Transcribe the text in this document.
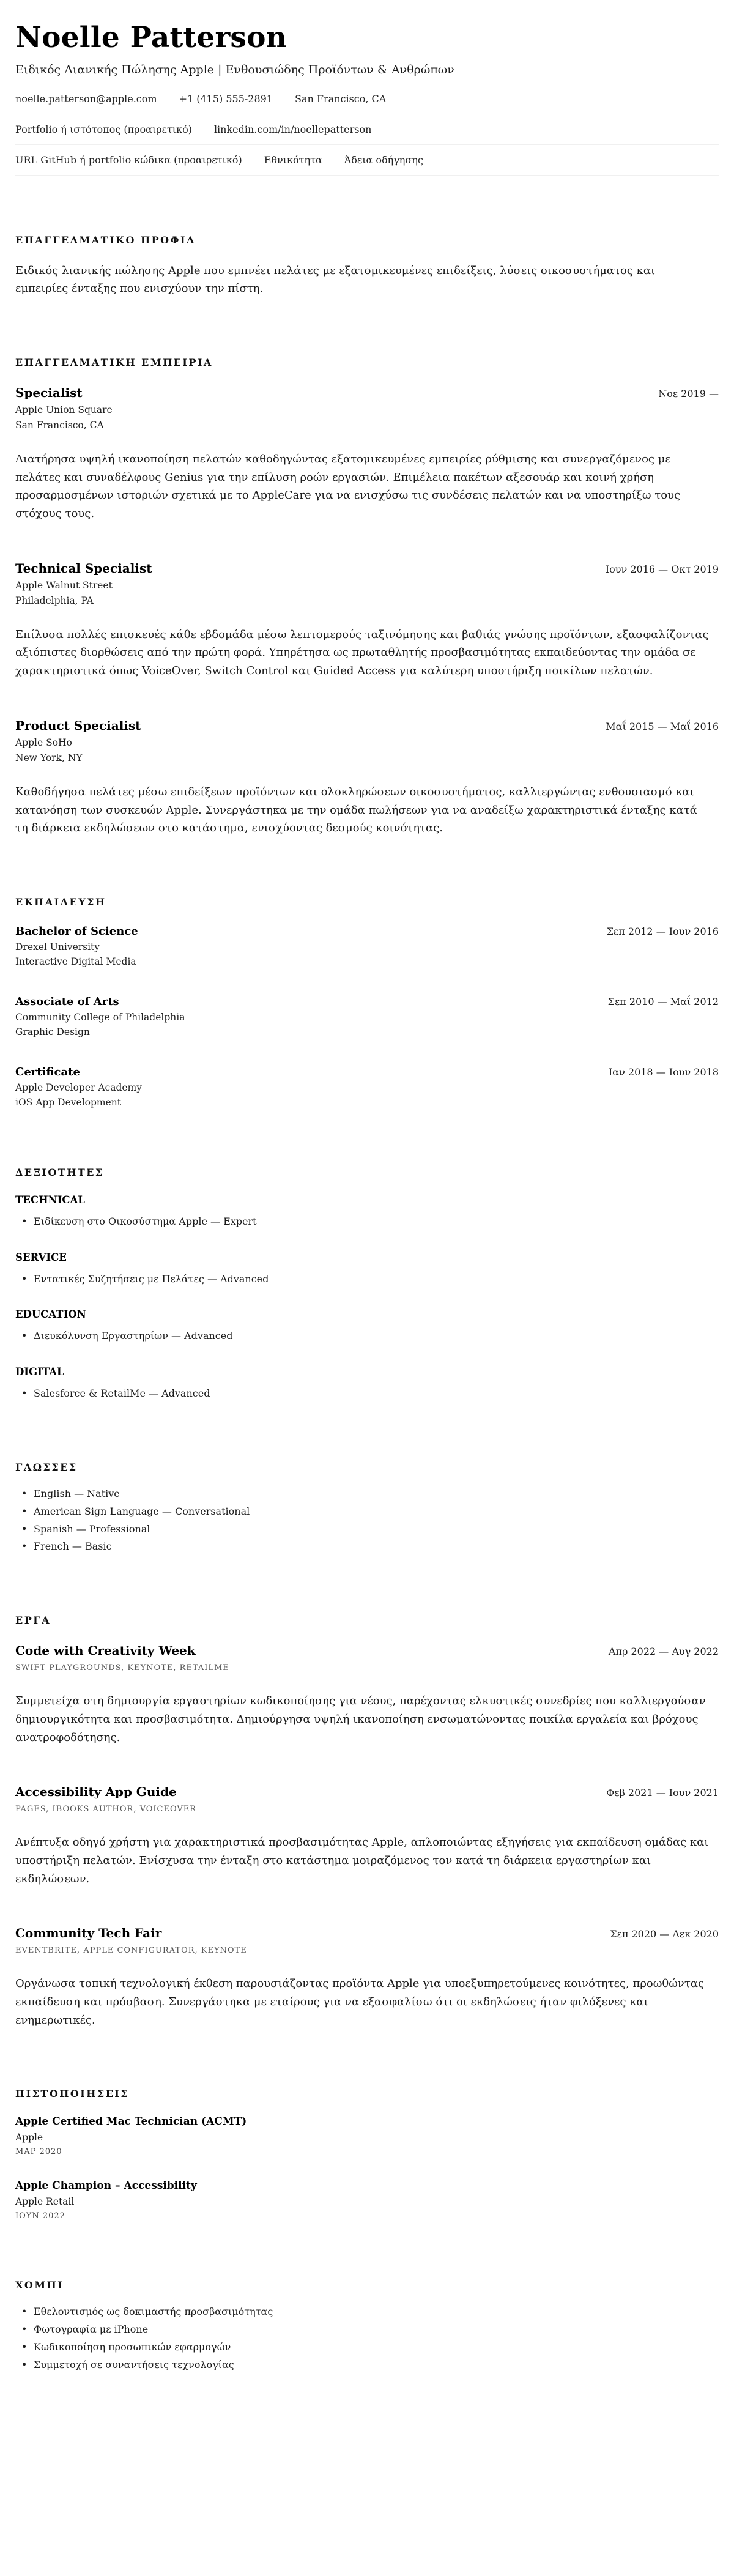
Noelle Patterson

Ειδικός Λιανικής Πώλησης Apple | Ενθουσιώδης Προϊόντων & Ανθρώπων

noelle.patterson@apple.com +1 (415) 555-2891 San Francisco, CA
Portfolio ή ιστότοπος (προαιρετικό) linkedin.com/in/noellepatterson
URL GitHub ή portfolio κώδικα (προαιρετικό) Εθνικότητα Άδεια οδήγησης
ΕΠΑΓΓΕΛΜΑΤΙΚΟ ΠΡΟΦΙΛ

Ειδικός λιανικής πώλησης Apple που εμπνέει πελάτες με εξατομικευμένες επιδείξεις, λύσεις οικοσυστήματος και εμπειρίες ένταξης που ενισχύουν την πίστη.

ΕΠΑΓΓΕΛΜΑΤΙΚΗ ΕΜΠΕΙΡΙΑ
Specialist	Νοε 2019 —

Apple Union Square

San Francisco, CA

Διατήρησα υψηλή ικανοποίηση πελατών καθοδηγώντας εξατομικευμένες εμπειρίες ρύθμισης και συνεργαζόμενος με πελάτες και συναδέλφους Genius για την επίλυση ροών εργασιών. Επιμέλεια πακέτων αξεσουάρ και κοινή χρήση προσαρμοσμένων ιστοριών σχετικά με το AppleCare για να ενισχύσω τις συνδέσεις πελατών και να υποστηρίξω τους στόχους τους.

Technical Specialist	Ιουν 2016 — Οκτ 2019

Apple Walnut Street

Philadelphia, PA

Επίλυσα πολλές επισκευές κάθε εβδομάδα μέσω λεπτομερούς ταξινόμησης και βαθιάς γνώσης προϊόντων, εξασφαλίζοντας αξιόπιστες διορθώσεις από την πρώτη φορά. Υπηρέτησα ως πρωταθλητής προσβασιμότητας εκπαιδεύοντας την ομάδα σε χαρακτηριστικά όπως VoiceOver, Switch Control και Guided Access για καλύτερη υποστήριξη ποικίλων πελατών.

Product Specialist	Μαΐ 2015 — Μαΐ 2016

Apple SoHo

New York, NY

Καθοδήγησα πελάτες μέσω επιδείξεων προϊόντων και ολοκληρώσεων οικοσυστήματος, καλλιεργώντας ενθουσιασμό και κατανόηση των συσκευών Apple. Συνεργάστηκα με την ομάδα πωλήσεων για να αναδείξω χαρακτηριστικά ένταξης κατά τη διάρκεια εκδηλώσεων στο κατάστημα, ενισχύοντας δεσμούς κοινότητας.

ΕΚΠΑΙΔΕΥΣΗ
Bachelor of Science	Σεπ 2012 — Ιουν 2016

Drexel University

Interactive Digital Media

Associate of Arts	Σεπ 2010 — Μαΐ 2012

Community College of Philadelphia

Graphic Design

Certificate	Ιαν 2018 — Ιουν 2018

Apple Developer Academy

iOS App Development

ΔΕΞΙΟΤΗΤΕΣ
TECHNICAL
• Ειδίκευση στο Οικοσύστημα Apple — Expert
SERVICE
• Εντατικές Συζητήσεις με Πελάτες — Advanced
EDUCATION
• Διευκόλυνση Εργαστηρίων — Advanced
DIGITAL
• Salesforce & RetailMe — Advanced
ΓΛΩΣΣΕΣ
• English — Native
• American Sign Language — Conversational
• Spanish — Professional
• French — Basic
ΕΡΓΑ
Code with Creativity Week	Απρ 2022 — Αυγ 2022

SWIFT PLAYGROUNDS, KEYNOTE, RETAILME

Συμμετείχα στη δημιουργία εργαστηρίων κωδικοποίησης για νέους, παρέχοντας ελκυστικές συνεδρίες που καλλιεργούσαν δημιουργικότητα και προσβασιμότητα. Δημιούργησα υψηλή ικανοποίηση ενσωματώνοντας ποικίλα εργαλεία και βρόχους ανατροφοδότησης.

Accessibility App Guide	Φεβ 2021 — Ιουν 2021

PAGES, IBOOKS AUTHOR, VOICEOVER

Ανέπτυξα οδηγό χρήστη για χαρακτηριστικά προσβασιμότητας Apple, απλοποιώντας εξηγήσεις για εκπαίδευση ομάδας και υποστήριξη πελατών. Ενίσχυσα την ένταξη στο κατάστημα μοιραζόμενος τον κατά τη διάρκεια εργαστηρίων και εκδηλώσεων.

Community Tech Fair	Σεπ 2020 — Δεκ 2020

EVENTBRITE, APPLE CONFIGURATOR, KEYNOTE

Οργάνωσα τοπική τεχνολογική έκθεση παρουσιάζοντας προϊόντα Apple για υποεξυπηρετούμενες κοινότητες, προωθώντας εκπαίδευση και πρόσβαση. Συνεργάστηκα με εταίρους για να εξασφαλίσω ότι οι εκδηλώσεις ήταν φιλόξενες και ενημερωτικές.

ΠΙΣΤΟΠΟΙΗΣΕΙΣ
Apple Certified Mac Technician (ACMT)

Apple

ΜΑΡ 2020

Apple Champion – Accessibility

Apple Retail

ΙΟΥΝ 2022

ΧΟΜΠΙ
• Εθελοντισμός ως δοκιμαστής προσβασιμότητας
• Φωτογραφία με iPhone
• Κωδικοποίηση προσωπικών εφαρμογών
• Συμμετοχή σε συναντήσεις τεχνολογίας
